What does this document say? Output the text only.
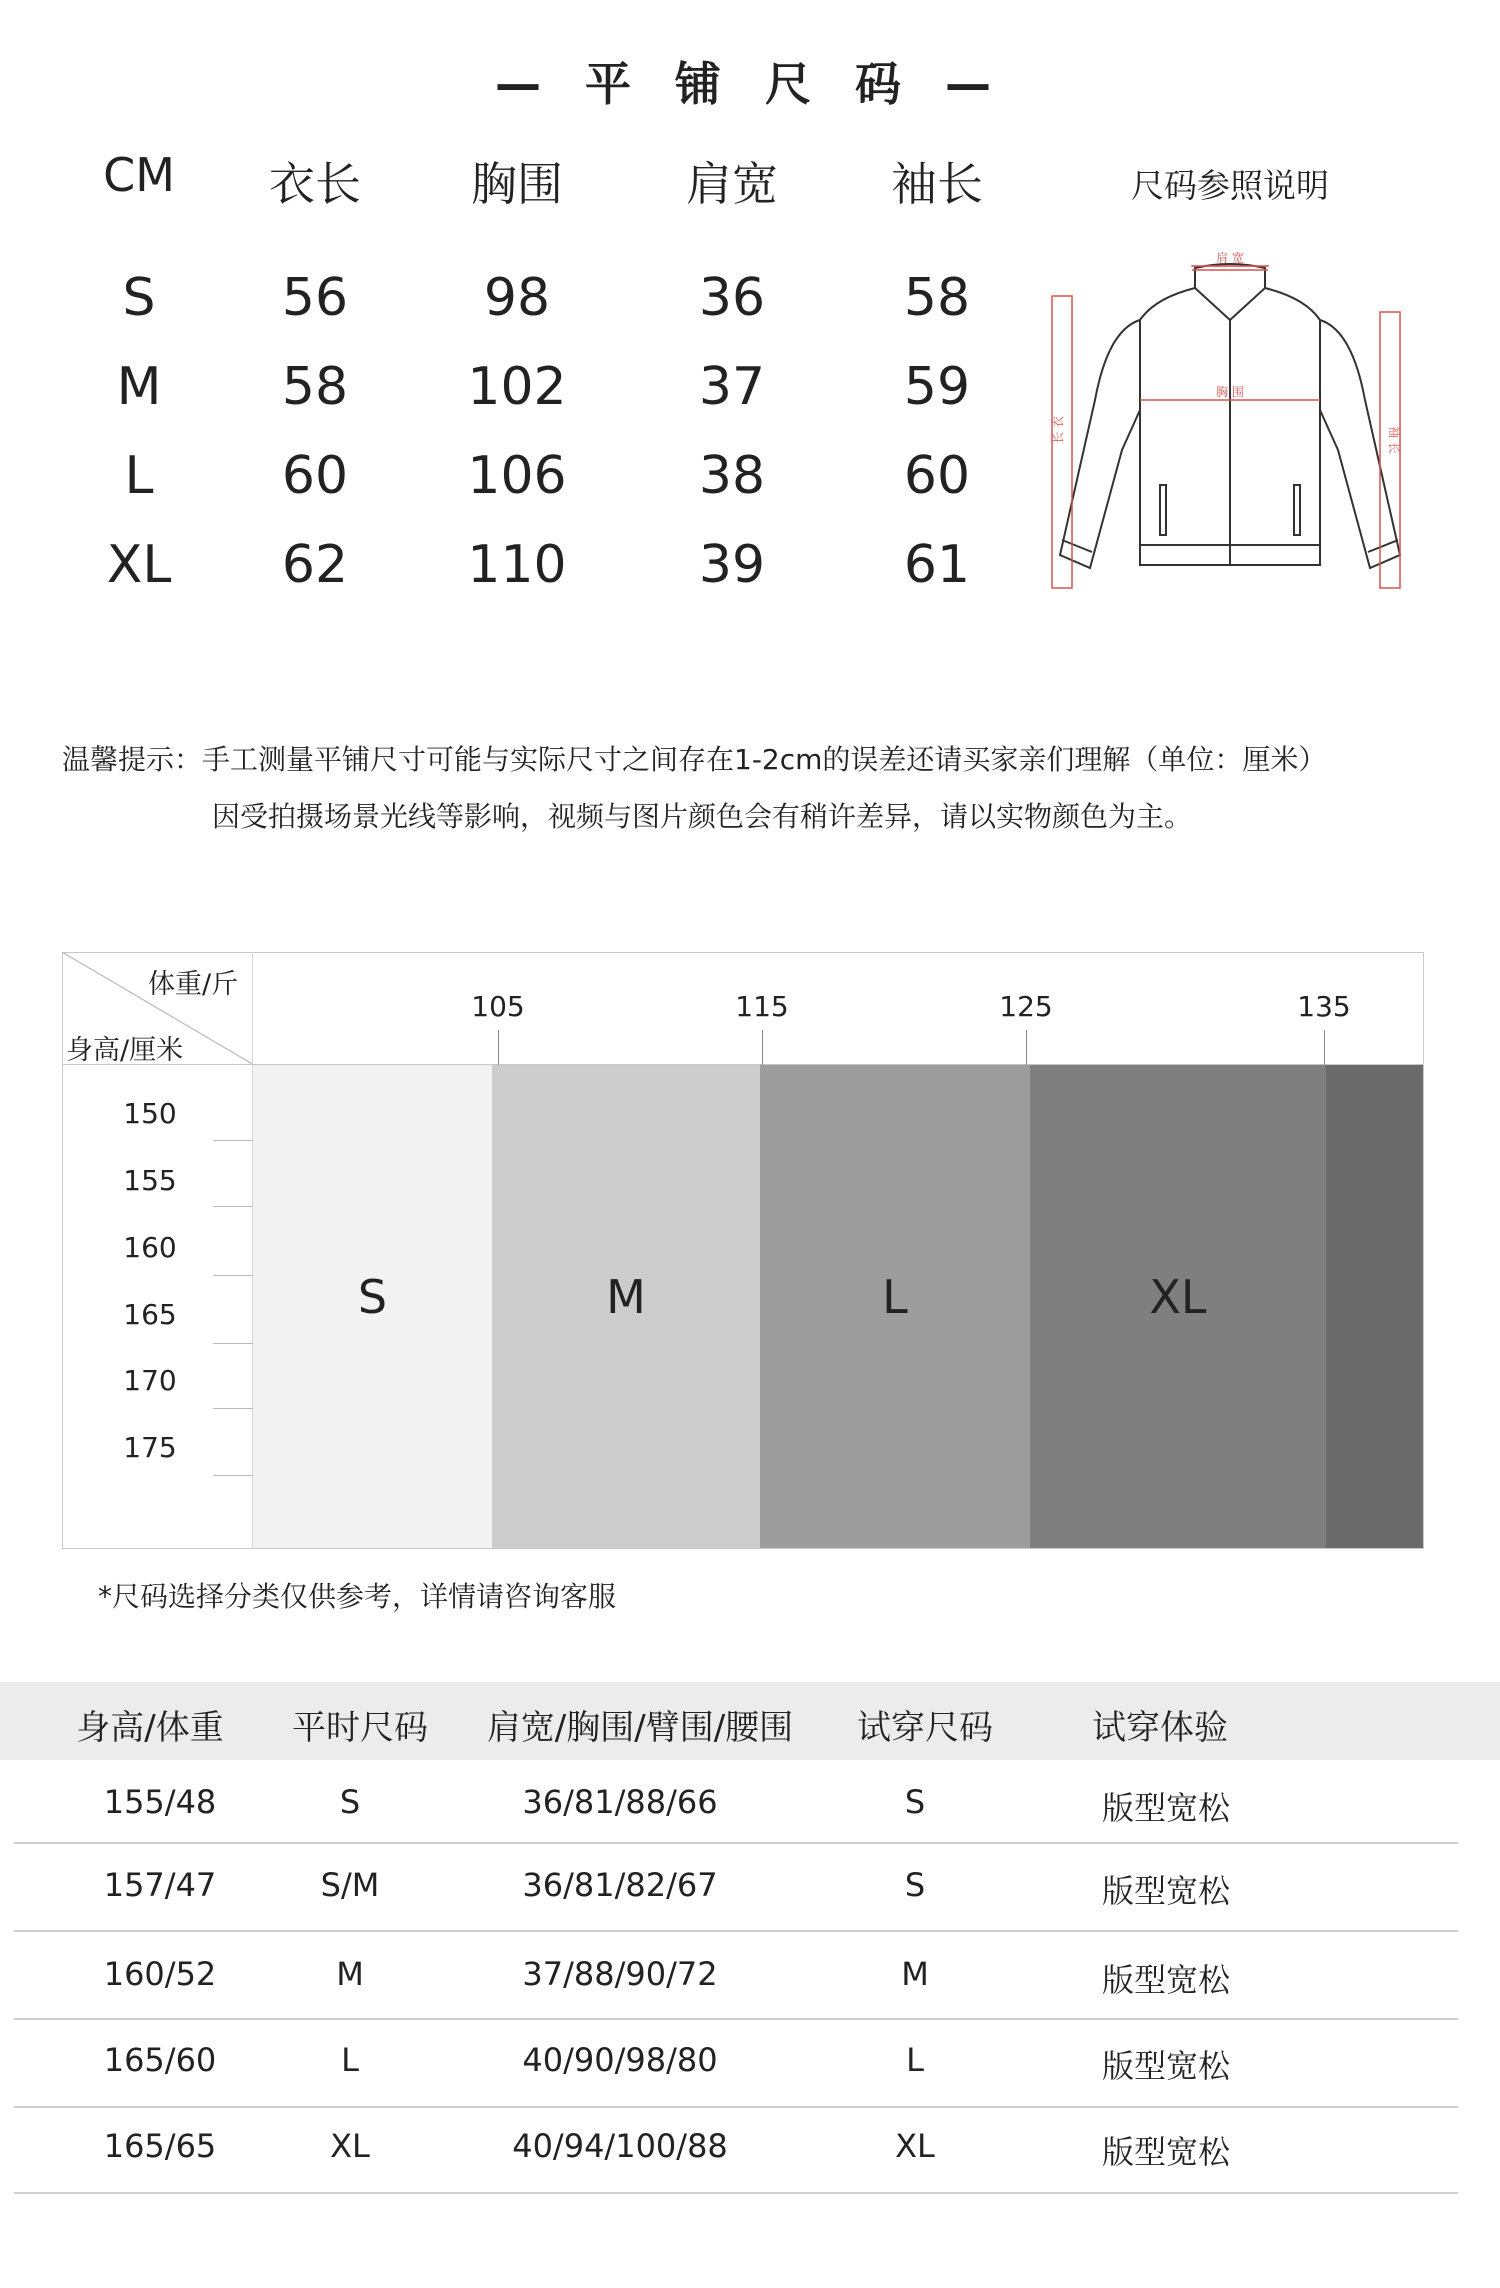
— 平 铺 尺 码 —
CM	衣长	胸围	肩宽	袖长	尺码参照说明
S	56	98	36	58
M	58	102	37	59
L	60	106	38	60
XL	62	110	39	61
肩 宽
胸 围
长 衣	袖 长
温馨提示：手工测量平铺尺寸可能与实际尺寸之间存在1-2cm的误差还请买家亲们理解（单位：厘米）
因受拍摄场景光线等影响，视频与图片颜色会有稍许差异，请以实物颜色为主。
体重/斤
身高/厘米
105	115	125	135
S	M	L	XL
150
155
160
165
170
175
*尺码选择分类仅供参考，详情请咨询客服
身高/体重	平时尺码	肩宽/胸围/臂围/腰围	试穿尺码	试穿体验
155/48	S	36/81/88/66	S	版型宽松
157/47	S/M	36/81/82/67	S	版型宽松
160/52	M	37/88/90/72	M	版型宽松
165/60	L	40/90/98/80	L	版型宽松
165/65	XL	40/94/100/88	XL	版型宽松
